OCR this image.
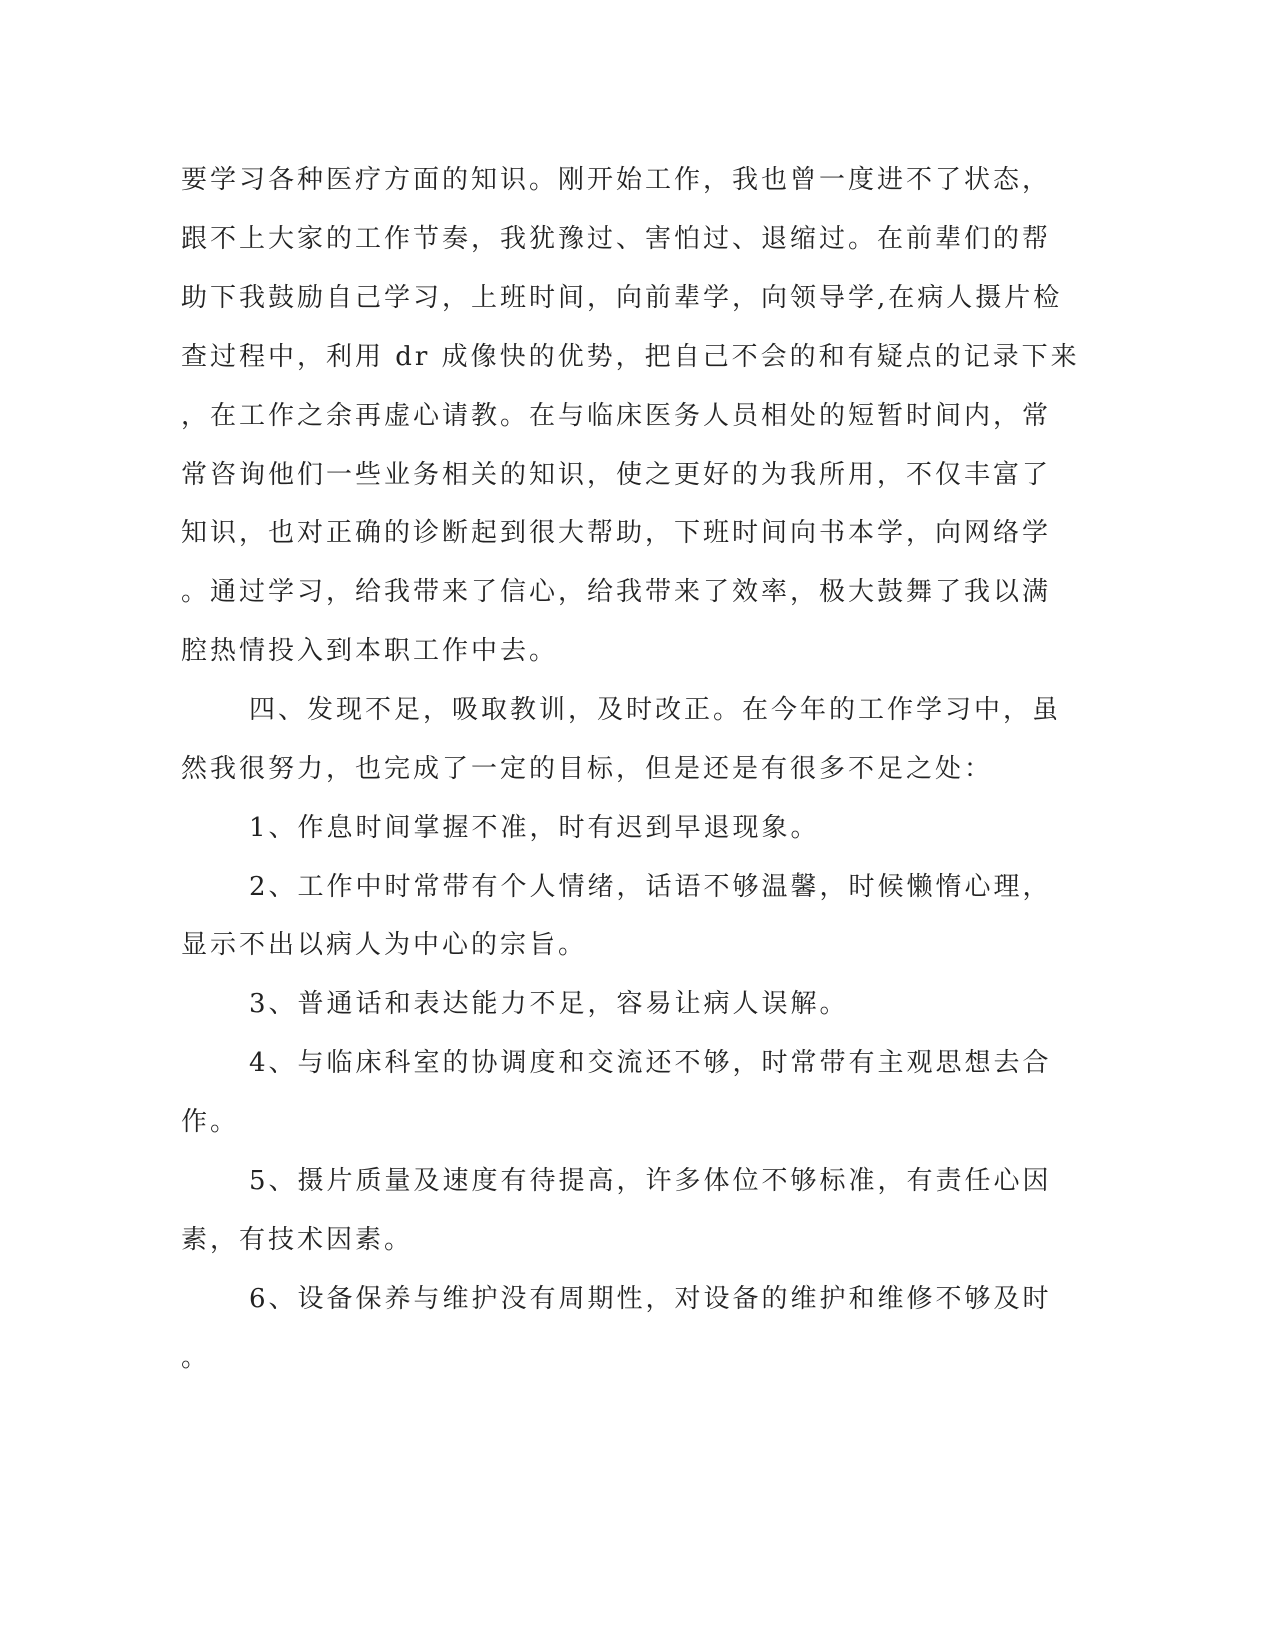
要学习各种医疗方面的知识。刚开始工作，我也曾一度进不了状态，
跟不上大家的工作节奏，我犹豫过、害怕过、退缩过。在前辈们的帮
助下我鼓励自己学习，上班时间，向前辈学，向领导学,在病人摄片检
查过程中，利用 dr 成像快的优势，把自己不会的和有疑点的记录下来
，在工作之余再虚心请教。在与临床医务人员相处的短暂时间内，常
常咨询他们一些业务相关的知识，使之更好的为我所用，不仅丰富了
知识，也对正确的诊断起到很大帮助，下班时间向书本学，向网络学
。通过学习，给我带来了信心，给我带来了效率，极大鼓舞了我以满
腔热情投入到本职工作中去。
四、发现不足，吸取教训，及时改正。在今年的工作学习中，虽
然我很努力，也完成了一定的目标，但是还是有很多不足之处：
1、作息时间掌握不准，时有迟到早退现象。
2、工作中时常带有个人情绪，话语不够温馨，时候懒惰心理，
显示不出以病人为中心的宗旨。
3、普通话和表达能力不足，容易让病人误解。
4、与临床科室的协调度和交流还不够，时常带有主观思想去合
作。
5、摄片质量及速度有待提高，许多体位不够标准，有责任心因
素，有技术因素。
6、设备保养与维护没有周期性，对设备的维护和维修不够及时
。
